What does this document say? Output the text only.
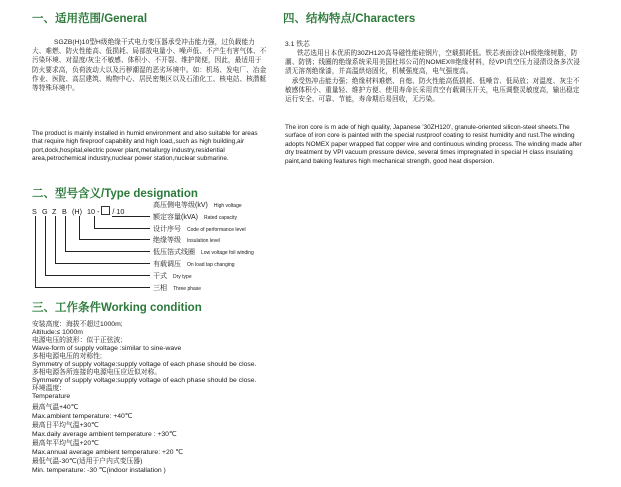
一、适用范围/General
SGZB(H)10型H级绝缘干式电力变压器承受冲击能力强，过负载能力大、难燃、防火性能高、低损耗、局部放电量小、噪声低、不产生有害气体、不污染环境、对湿度/灰尘不敏感、体积小、不开裂、维护简便，因此，最适用于防火要求高，负荷波动大以及污秽潮湿的恶劣环境中。如：机场、发电厂、冶金作业、医院、高层建筑、购物中心、居民密集区以及石油化工、核电站、核潜艇等特殊环境中。
The product is mainly installed in humid environment and also suitable for areas that require high fireproof capability and high load,,such as high building,air port,dock,hospital,electric power plant,metallurgy industry,residential area,petrochemical industry,nuclear power station,nuclear submarine.
二、型号含义/Type designation
S G Z B (H) 10 - / 10
高压侧电等级(kV) High voltage
额定容量(kVA) Rated capacity
设计序号 Code of performance level
绝缘等级 Insulation level
低压箔式线圈 Low voltage foil winding
有载调压 On load tap changing
干式 Dry type
三相 Three phase
三、工作条件Working condition
安装高度：海拔不超过1000m;
Altitude:≤ 1000m
电源电压的波形：似于正弦波;
Wave-form of supply voltage :similar to sine-wave
多相电源电压的对称性;
Symmetry of supply voltage:supply voltage of each phase should be close.
多相电源各所连接的电源电压应近似对称。
Symmetry of supply voltage:supply voltage of each phase should be close.
环境温度：
Temperature
最高气温+40℃
Max.ambient temperature: +40℃
最高日平均气温+30℃
Max.daily average ambient temperature : +30℃
最高年平均气温+20℃
Max.annual average ambient temperature: +20 ℃
最低气温-30℃(适用于户内式变压器)
Min. temperature: -30 ℃(indoor installation )
四、结构特点/Characters
3.1 铁芯
铁芯选用日本优质的30ZH120高导磁性能硅钢片，空载损耗低。铁芯表面涂以H级绝缘树脂，防潮、防锈；线圈的绝缘系统采用美国杜邦公司的NOMEX®绝缘材料，经VPI真空压力浸渍设备多次浸渍无溶剂绝缘漆，并高温烘焙固化，机械强度高，电气强度高。
　承受热冲击能力强；绝缘材料难燃、自熄、防火性能高低损耗、低噪音、低局放；对温度、灰尘不敏感体积小、重量轻、维护方便、使用寿命长采用真空有载调压开关，电压调整灵敏度高，输出稳定运行安全、可靠、节能，寿命期后易回收，无污染。
The iron core is m ade of high quality, Japanese '30ZH120', granule-oriented silicon-steel sheets.The surface of iron core is painted with the special rustproof coating to resist humidity and rust.The winding adopts NOMEX paper wrapped flat copper wire and continuous winding process. The winding made after dry treatment by VPI vacuum pressure device, several times impregnated in special H class insulating paint,and baking features high mechanical strength, good heat dispersion.
